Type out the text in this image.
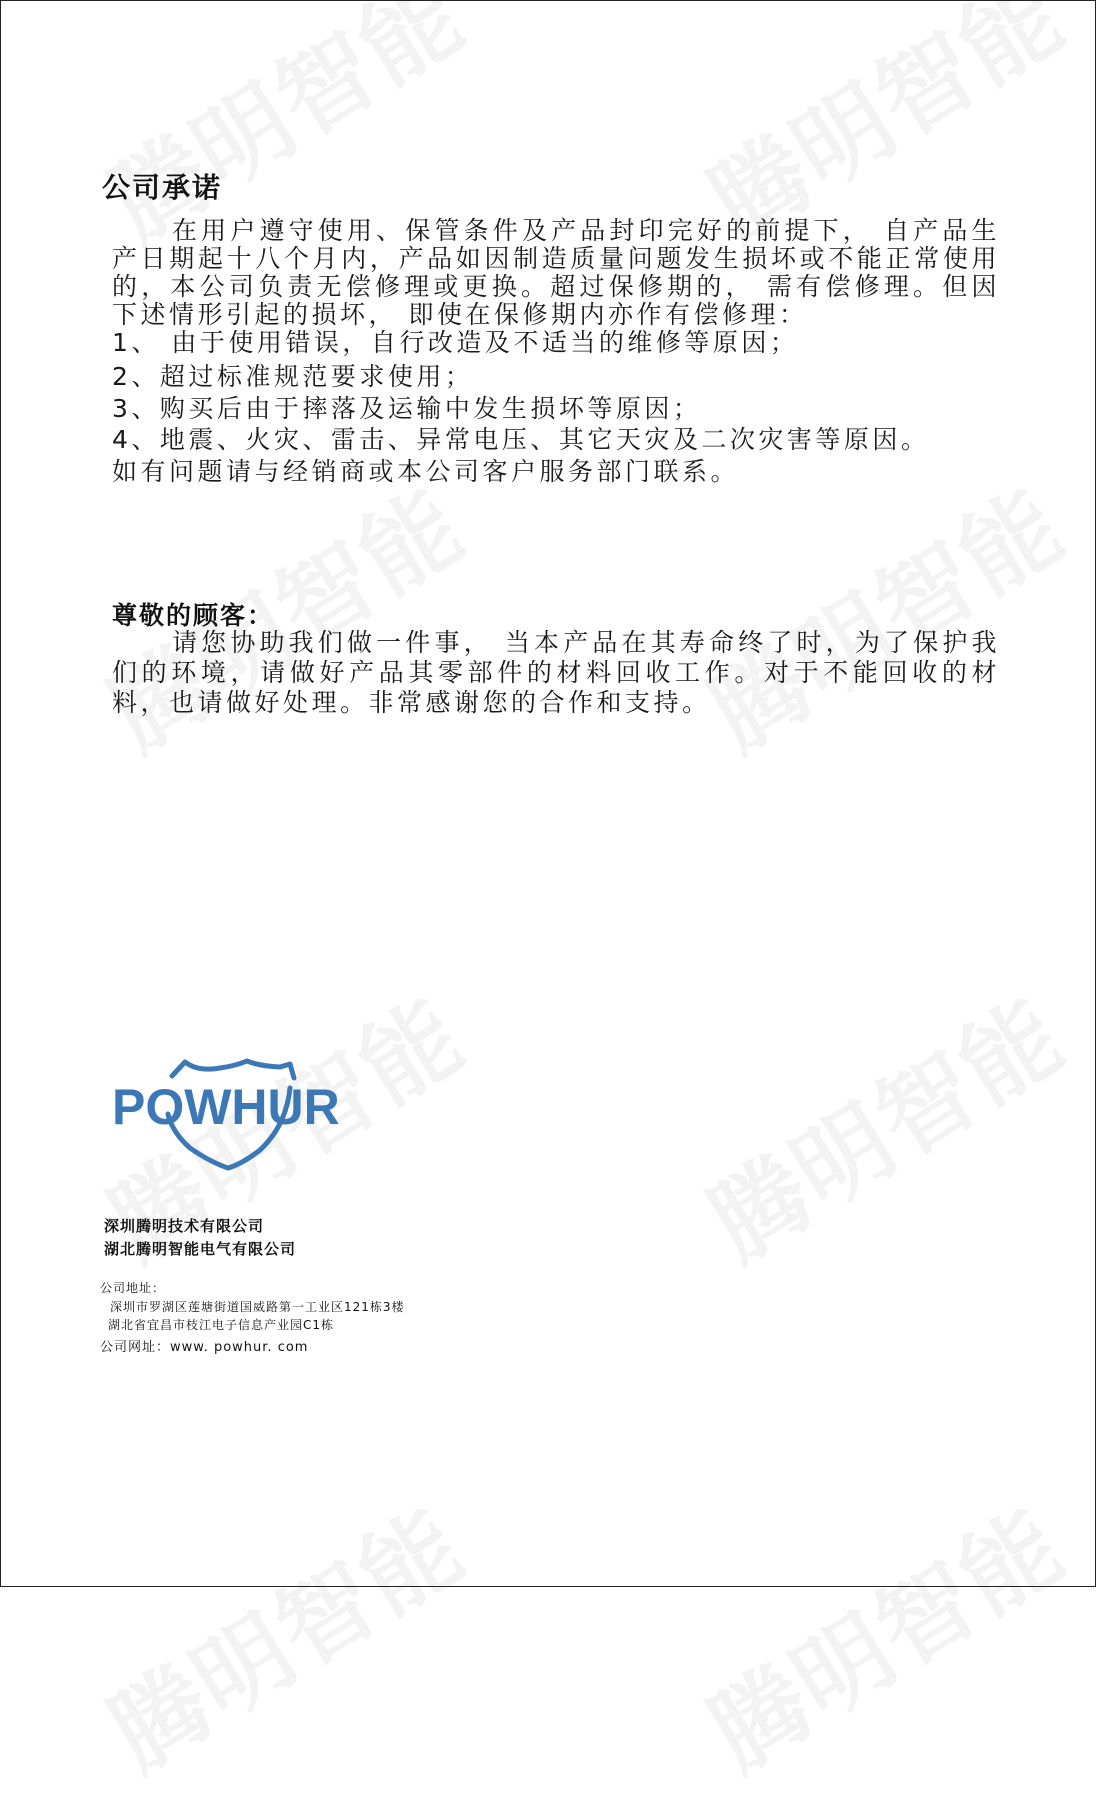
公司承诺

在用户遵守使用、保管条件及产品封印完好的前提下， 自产品生产日期起十八个月内，产品如因制造质量问题发生损坏或不能正常使用的，本公司负责无偿修理或更换。超过保修期的， 需有偿修理。但因下述情形引起的损坏， 即使在保修期内亦作有偿修理：

1、 由于使用错误，自行改造及不适当的维修等原因；

2、超过标准规范要求使用；

3、购买后由于摔落及运输中发生损坏等原因；

4、地震、火灾、雷击、异常电压、其它天灾及二次灾害等原因。

如有问题请与经销商或本公司客户服务部门联系。

尊敬的顾客：

请您协助我们做一件事， 当本产品在其寿命终了时，为了保护我们的环境，请做好产品其零部件的材料回收工作。对于不能回收的材料，也请做好处理。非常感谢您的合作和支持。

POWHUR
深圳腾明技术有限公司
湖北腾明智能电气有限公司
公司地址：
深圳市罗湖区莲塘街道国威路第一工业区121栋3楼
湖北省宜昌市枝江电子信息产业园C1栋
公司网址：www. powhur. com
